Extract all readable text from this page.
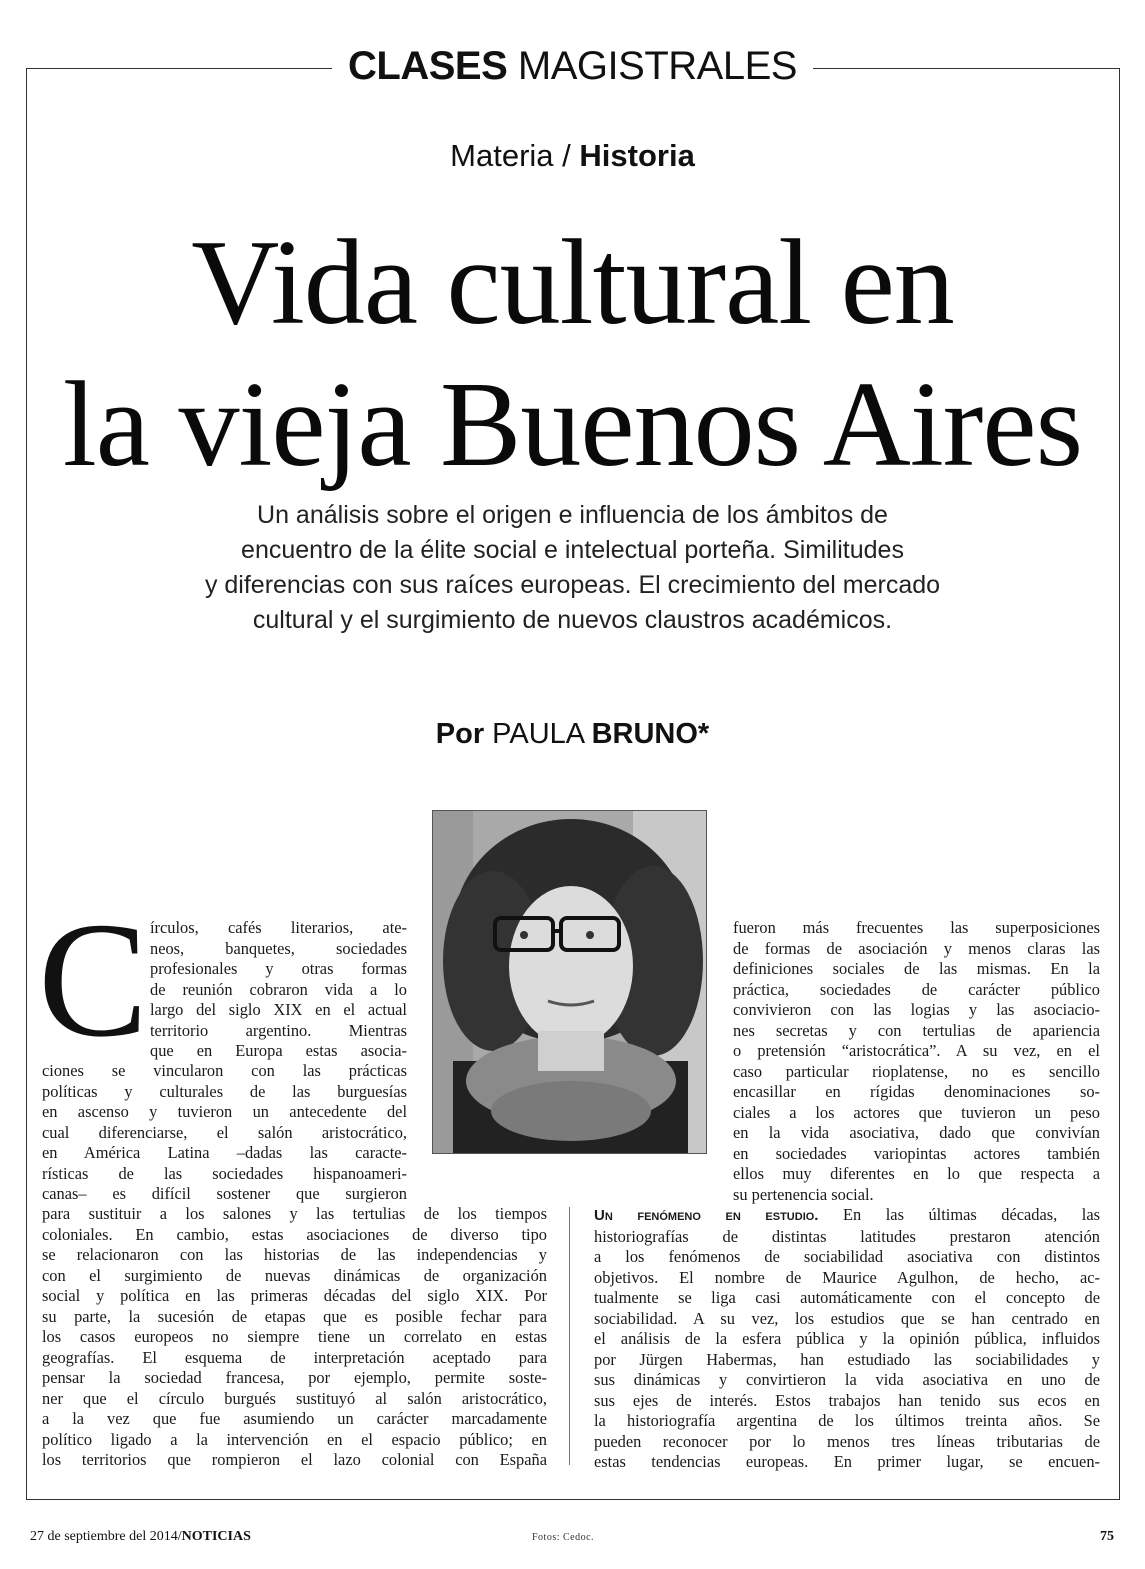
CLASES MAGISTRALES
Materia / Historia
Vida cultural en
la vieja Buenos Aires
Un análisis sobre el origen e influencia de los ámbitos de
encuentro de la élite social e intelectual porteña. Similitudes
y diferencias con sus raíces europeas. El crecimiento del mercado
cultural y el surgimiento de nuevos claustros académicos.
Por PAULA BRUNO*
C írculos, cafés literarios, ate-

neos, banquetes, sociedades

profesionales y otras formas

de reunión cobraron vida a lo

largo del siglo XIX en el actual

territorio argentino. Mientras

que en Europa estas asocia-

ciones se vincularon con las prácticas

políticas y culturales de las burguesías

en ascenso y tuvieron un antecedente del

cual diferenciarse, el salón aristocrático,

en América Latina –dadas las caracte-

rísticas de las sociedades hispanoameri-

canas– es difícil sostener que surgieron

para sustituir a los salones y las tertulias de los tiempos

coloniales. En cambio, estas asociaciones de diverso tipo

se relacionaron con las historias de las independencias y

con el surgimiento de nuevas dinámicas de organización

social y política en las primeras décadas del siglo XIX. Por

su parte, la sucesión de etapas que es posible fechar para

los casos europeos no siempre tiene un correlato en estas

geografías. El esquema de interpretación aceptado para

pensar la sociedad francesa, por ejemplo, permite soste-

ner que el círculo burgués sustituyó al salón aristocrático,

a la vez que fue asumiendo un carácter marcadamente

político ligado a la intervención en el espacio público; en

los territorios que rompieron el lazo colonial con España

fueron más frecuentes las superposiciones

de formas de asociación y menos claras las

definiciones sociales de las mismas. En la

práctica, sociedades de carácter público

convivieron con las logias y las asociacio-

nes secretas y con tertulias de apariencia

o pretensión “aristocrática”. A su vez, en el

caso particular rioplatense, no es sencillo

encasillar en rígidas denominaciones so-

ciales a los actores que tuvieron un peso

en la vida asociativa, dado que convivían

en sociedades variopintas actores también

ellos muy diferentes en lo que respecta a

su pertenencia social.

Un fenómeno en estudio. En las últimas décadas, las

historiografías de distintas latitudes prestaron atención

a los fenómenos de sociabilidad asociativa con distintos

objetivos. El nombre de Maurice Agulhon, de hecho, ac-

tualmente se liga casi automáticamente con el concepto de

sociabilidad. A su vez, los estudios que se han centrado en

el análisis de la esfera pública y la opinión pública, influidos

por Jürgen Habermas, han estudiado las sociabilidades y

sus dinámicas y convirtieron la vida asociativa en uno de

sus ejes de interés. Estos trabajos han tenido sus ecos en

la historiografía argentina de los últimos treinta años. Se

pueden reconocer por lo menos tres líneas tributarias de

estas tendencias europeas. En primer lugar, se encuen-

27 de septiembre del 2014/NOTICIAS	Fotos: Cedoc.	75
